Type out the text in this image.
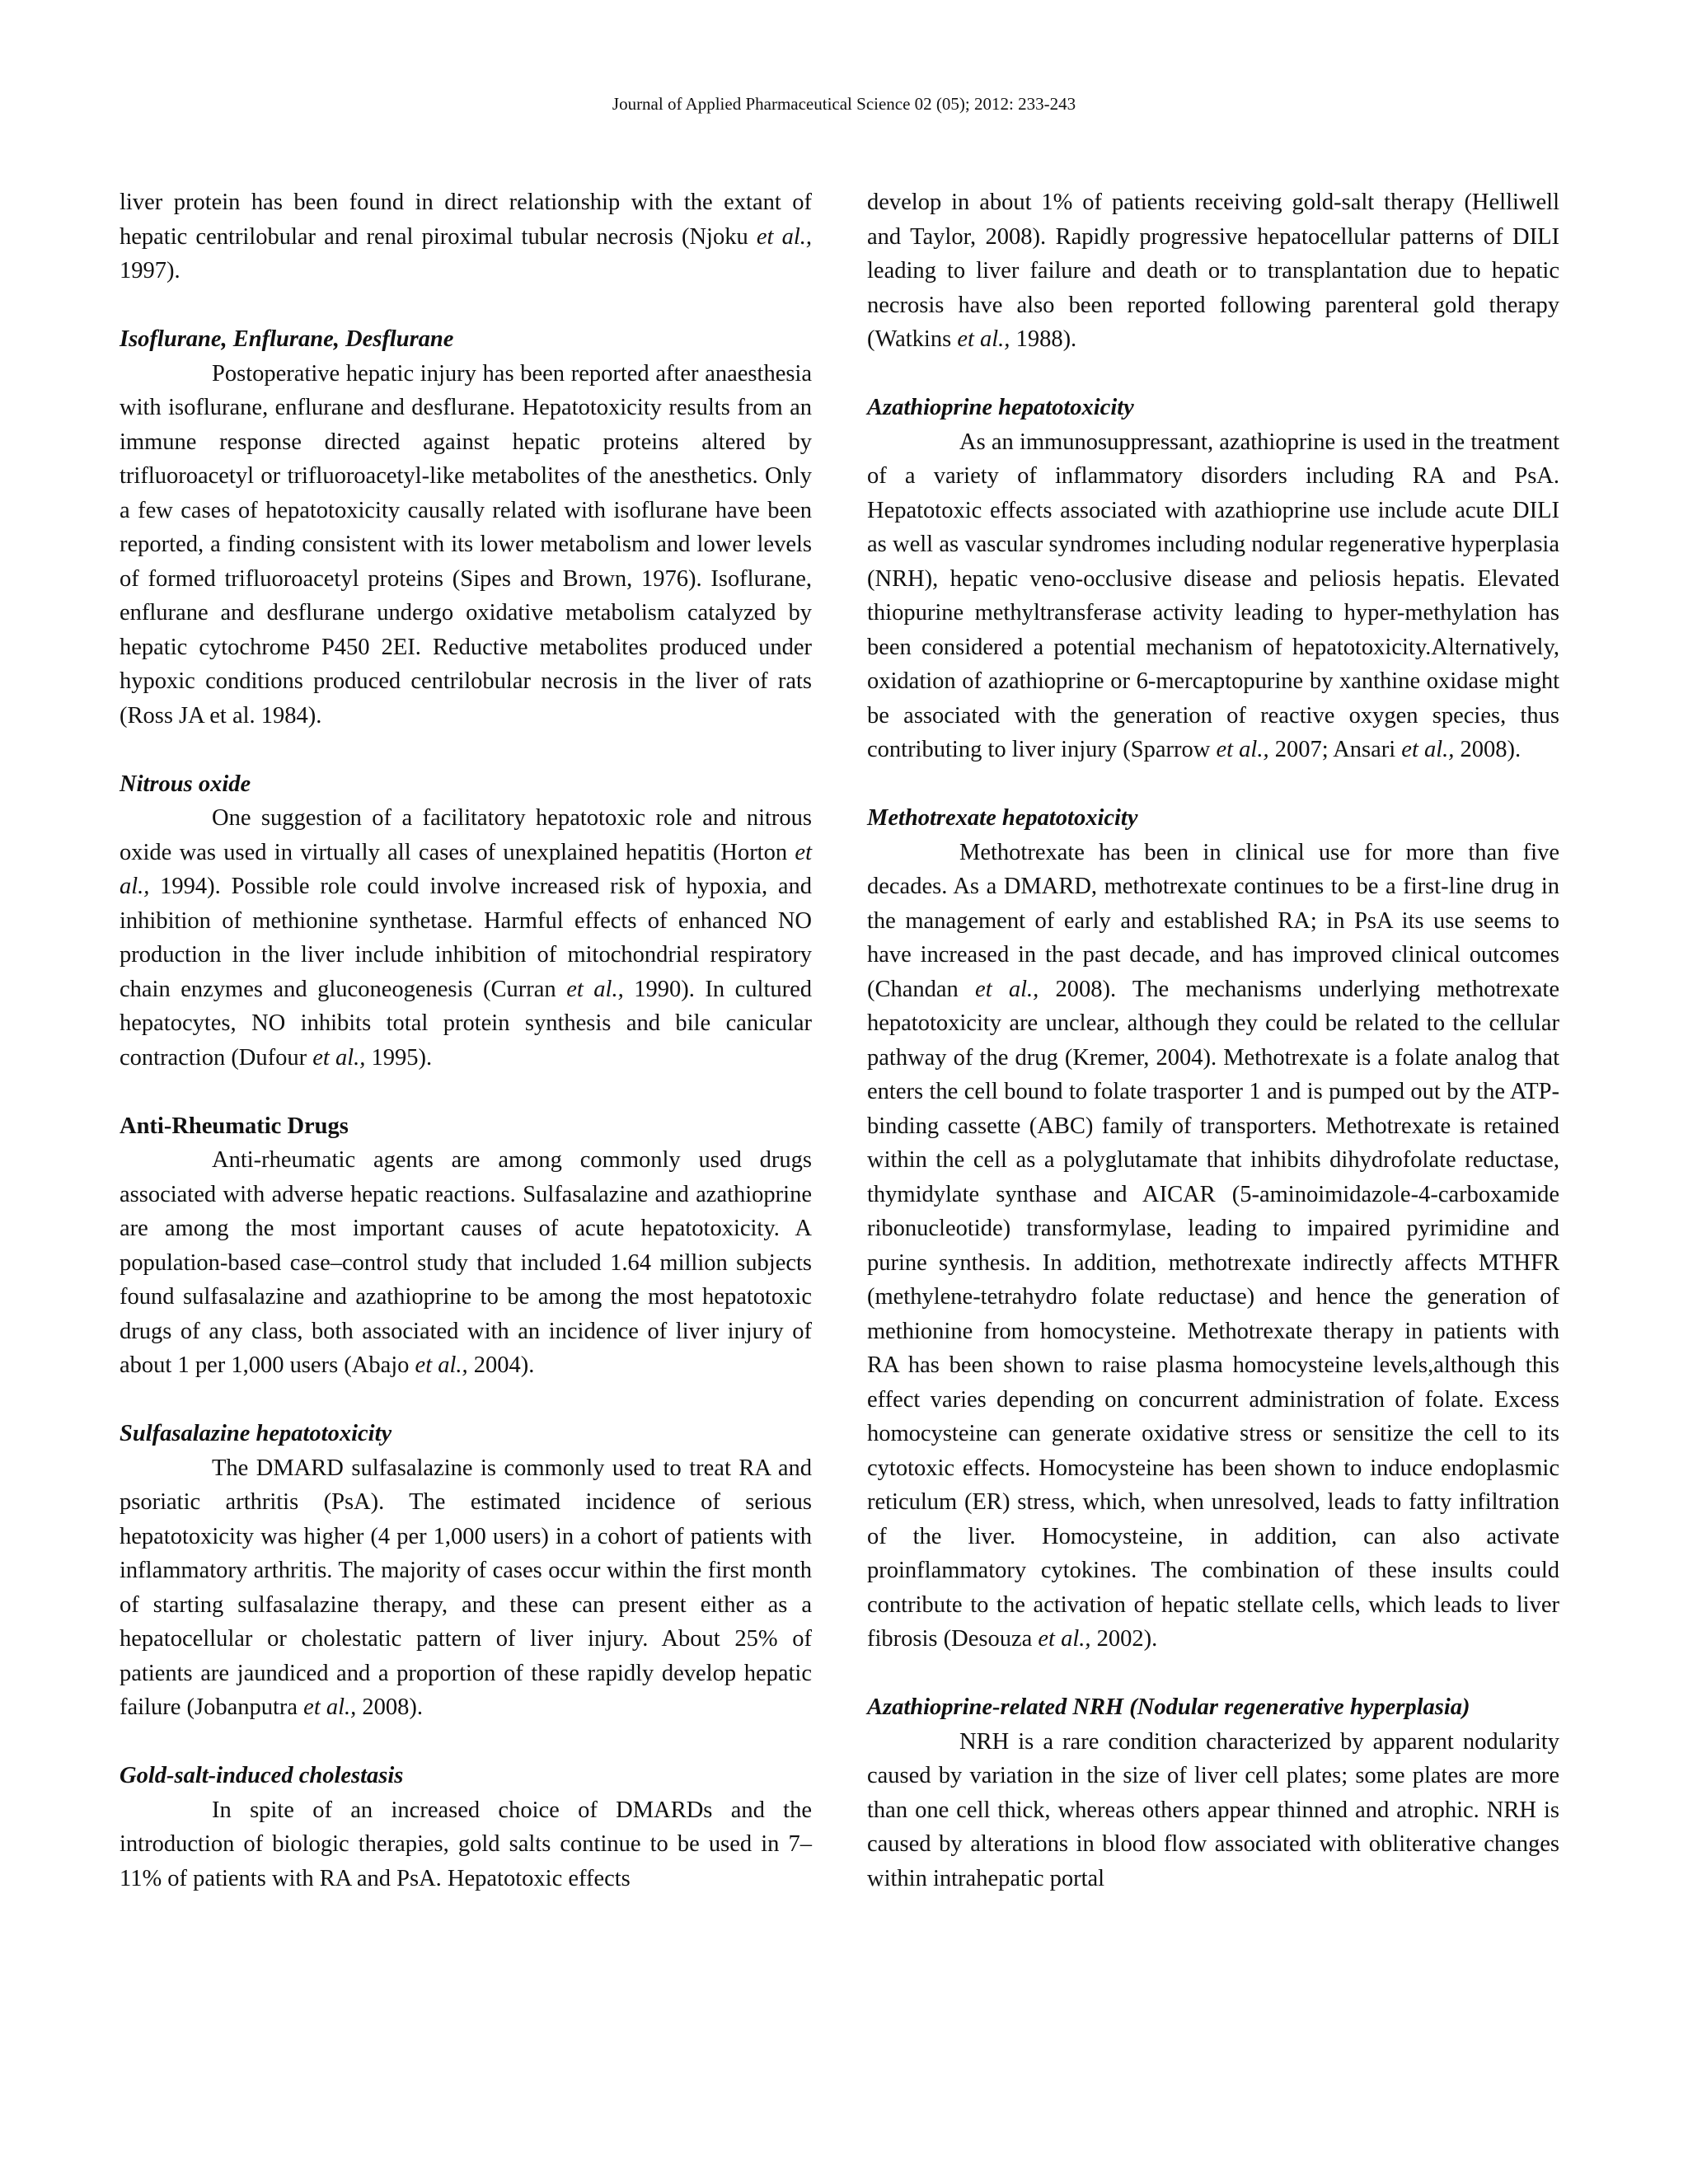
Journal of Applied Pharmaceutical Science 02 (05); 2012: 233-243

liver protein has been found in direct relationship with the extant of hepatic centrilobular and renal piroximal tubular necrosis (Njoku et al., 1997).

Isoflurane, Enflurane, Desflurane

Postoperative hepatic injury has been reported after anaesthesia with isoflurane, enflurane and desflurane. Hepatotoxicity results from an immune response directed against hepatic proteins altered by trifluoroacetyl or trifluoroacetyl-like metabolites of the anesthetics. Only a few cases of hepatotoxicity causally related with isoflurane have been reported, a finding consistent with its lower metabolism and lower levels of formed trifluoroacetyl proteins (Sipes and Brown, 1976). Isoflurane, enflurane and desflurane undergo oxidative metabolism catalyzed by hepatic cytochrome P450 2EI. Reductive metabolites produced under hypoxic conditions produced centrilobular necrosis in the liver of rats (Ross JA et al. 1984).

Nitrous oxide

One suggestion of a facilitatory hepatotoxic role and nitrous oxide was used in virtually all cases of unexplained hepatitis (Horton et al., 1994). Possible role could involve increased risk of hypoxia, and inhibition of methionine synthetase. Harmful effects of enhanced NO production in the liver include inhibition of mitochondrial respiratory chain enzymes and gluconeogenesis (Curran et al., 1990). In cultured hepatocytes, NO inhibits total protein synthesis and bile canicular contraction (Dufour et al., 1995).

Anti-Rheumatic Drugs

Anti-rheumatic agents are among commonly used drugs associated with adverse hepatic reactions. Sulfasalazine and azathioprine are among the most important causes of acute hepatotoxicity. A population-based case–control study that included 1.64 million subjects found sulfasalazine and azathioprine to be among the most hepatotoxic drugs of any class, both associated with an incidence of liver injury of about 1 per 1,000 users (Abajo et al., 2004).

Sulfasalazine hepatotoxicity

The DMARD sulfasalazine is commonly used to treat RA and psoriatic arthritis (PsA). The estimated incidence of serious hepatotoxicity was higher (4 per 1,000 users) in a cohort of patients with inflammatory arthritis. The majority of cases occur within the first month of starting sulfasalazine therapy, and these can present either as a hepatocellular or cholestatic pattern of liver injury. About 25% of patients are jaundiced and a proportion of these rapidly develop hepatic failure (Jobanputra et al., 2008).

Gold-salt-induced cholestasis

In spite of an increased choice of DMARDs and the introduction of biologic therapies, gold salts continue to be used in 7–11% of patients with RA and PsA. Hepatotoxic effects

develop in about 1% of patients receiving gold-salt therapy (Helliwell and Taylor, 2008). Rapidly progressive hepatocellular patterns of DILI leading to liver failure and death or to transplantation due to hepatic necrosis have also been reported following parenteral gold therapy (Watkins et al., 1988).

Azathioprine hepatotoxicity

As an immunosuppressant, azathioprine is used in the treatment of a variety of inflammatory disorders including RA and PsA. Hepatotoxic effects associated with azathioprine use include acute DILI as well as vascular syndromes including nodular regenerative hyperplasia (NRH), hepatic veno-occlusive disease and peliosis hepatis. Elevated thiopurine methyltransferase activity leading to hyper-methylation has been considered a potential mechanism of hepatotoxicity.Alternatively, oxidation of azathioprine or 6-mercaptopurine by xanthine oxidase might be associated with the generation of reactive oxygen species, thus contributing to liver injury (Sparrow et al., 2007; Ansari et al., 2008).

Methotrexate hepatotoxicity

Methotrexate has been in clinical use for more than five decades. As a DMARD, methotrexate continues to be a first-line drug in the management of early and established RA; in PsA its use seems to have increased in the past decade, and has improved clinical outcomes (Chandan et al., 2008). The mechanisms underlying methotrexate hepatotoxicity are unclear, although they could be related to the cellular pathway of the drug (Kremer, 2004). Methotrexate is a folate analog that enters the cell bound to folate trasporter 1 and is pumped out by the ATP-binding cassette (ABC) family of transporters. Methotrexate is retained within the cell as a polyglutamate that inhibits dihydrofolate reductase, thymidylate synthase and AICAR (5-aminoimidazole-4-carboxamide ribonucleotide) transformylase, leading to impaired pyrimidine and purine synthesis. In addition, methotrexate indirectly affects MTHFR (methylene-tetrahydro folate reductase) and hence the generation of methionine from homocysteine. Methotrexate therapy in patients with RA has been shown to raise plasma homocysteine levels,although this effect varies depending on concurrent administration of folate. Excess homocysteine can generate oxidative stress or sensitize the cell to its cytotoxic effects. Homocysteine has been shown to induce endoplasmic reticulum (ER) stress, which, when unresolved, leads to fatty infiltration of the liver. Homocysteine, in addition, can also activate proinflammatory cytokines. The combination of these insults could contribute to the activation of hepatic stellate cells, which leads to liver fibrosis (Desouza et al., 2002).

Azathioprine-related NRH (Nodular regenerative hyperplasia)

NRH is a rare condition characterized by apparent nodularity caused by variation in the size of liver cell plates; some plates are more than one cell thick, whereas others appear thinned and atrophic. NRH is caused by alterations in blood flow associated with obliterative changes within intrahepatic portal
